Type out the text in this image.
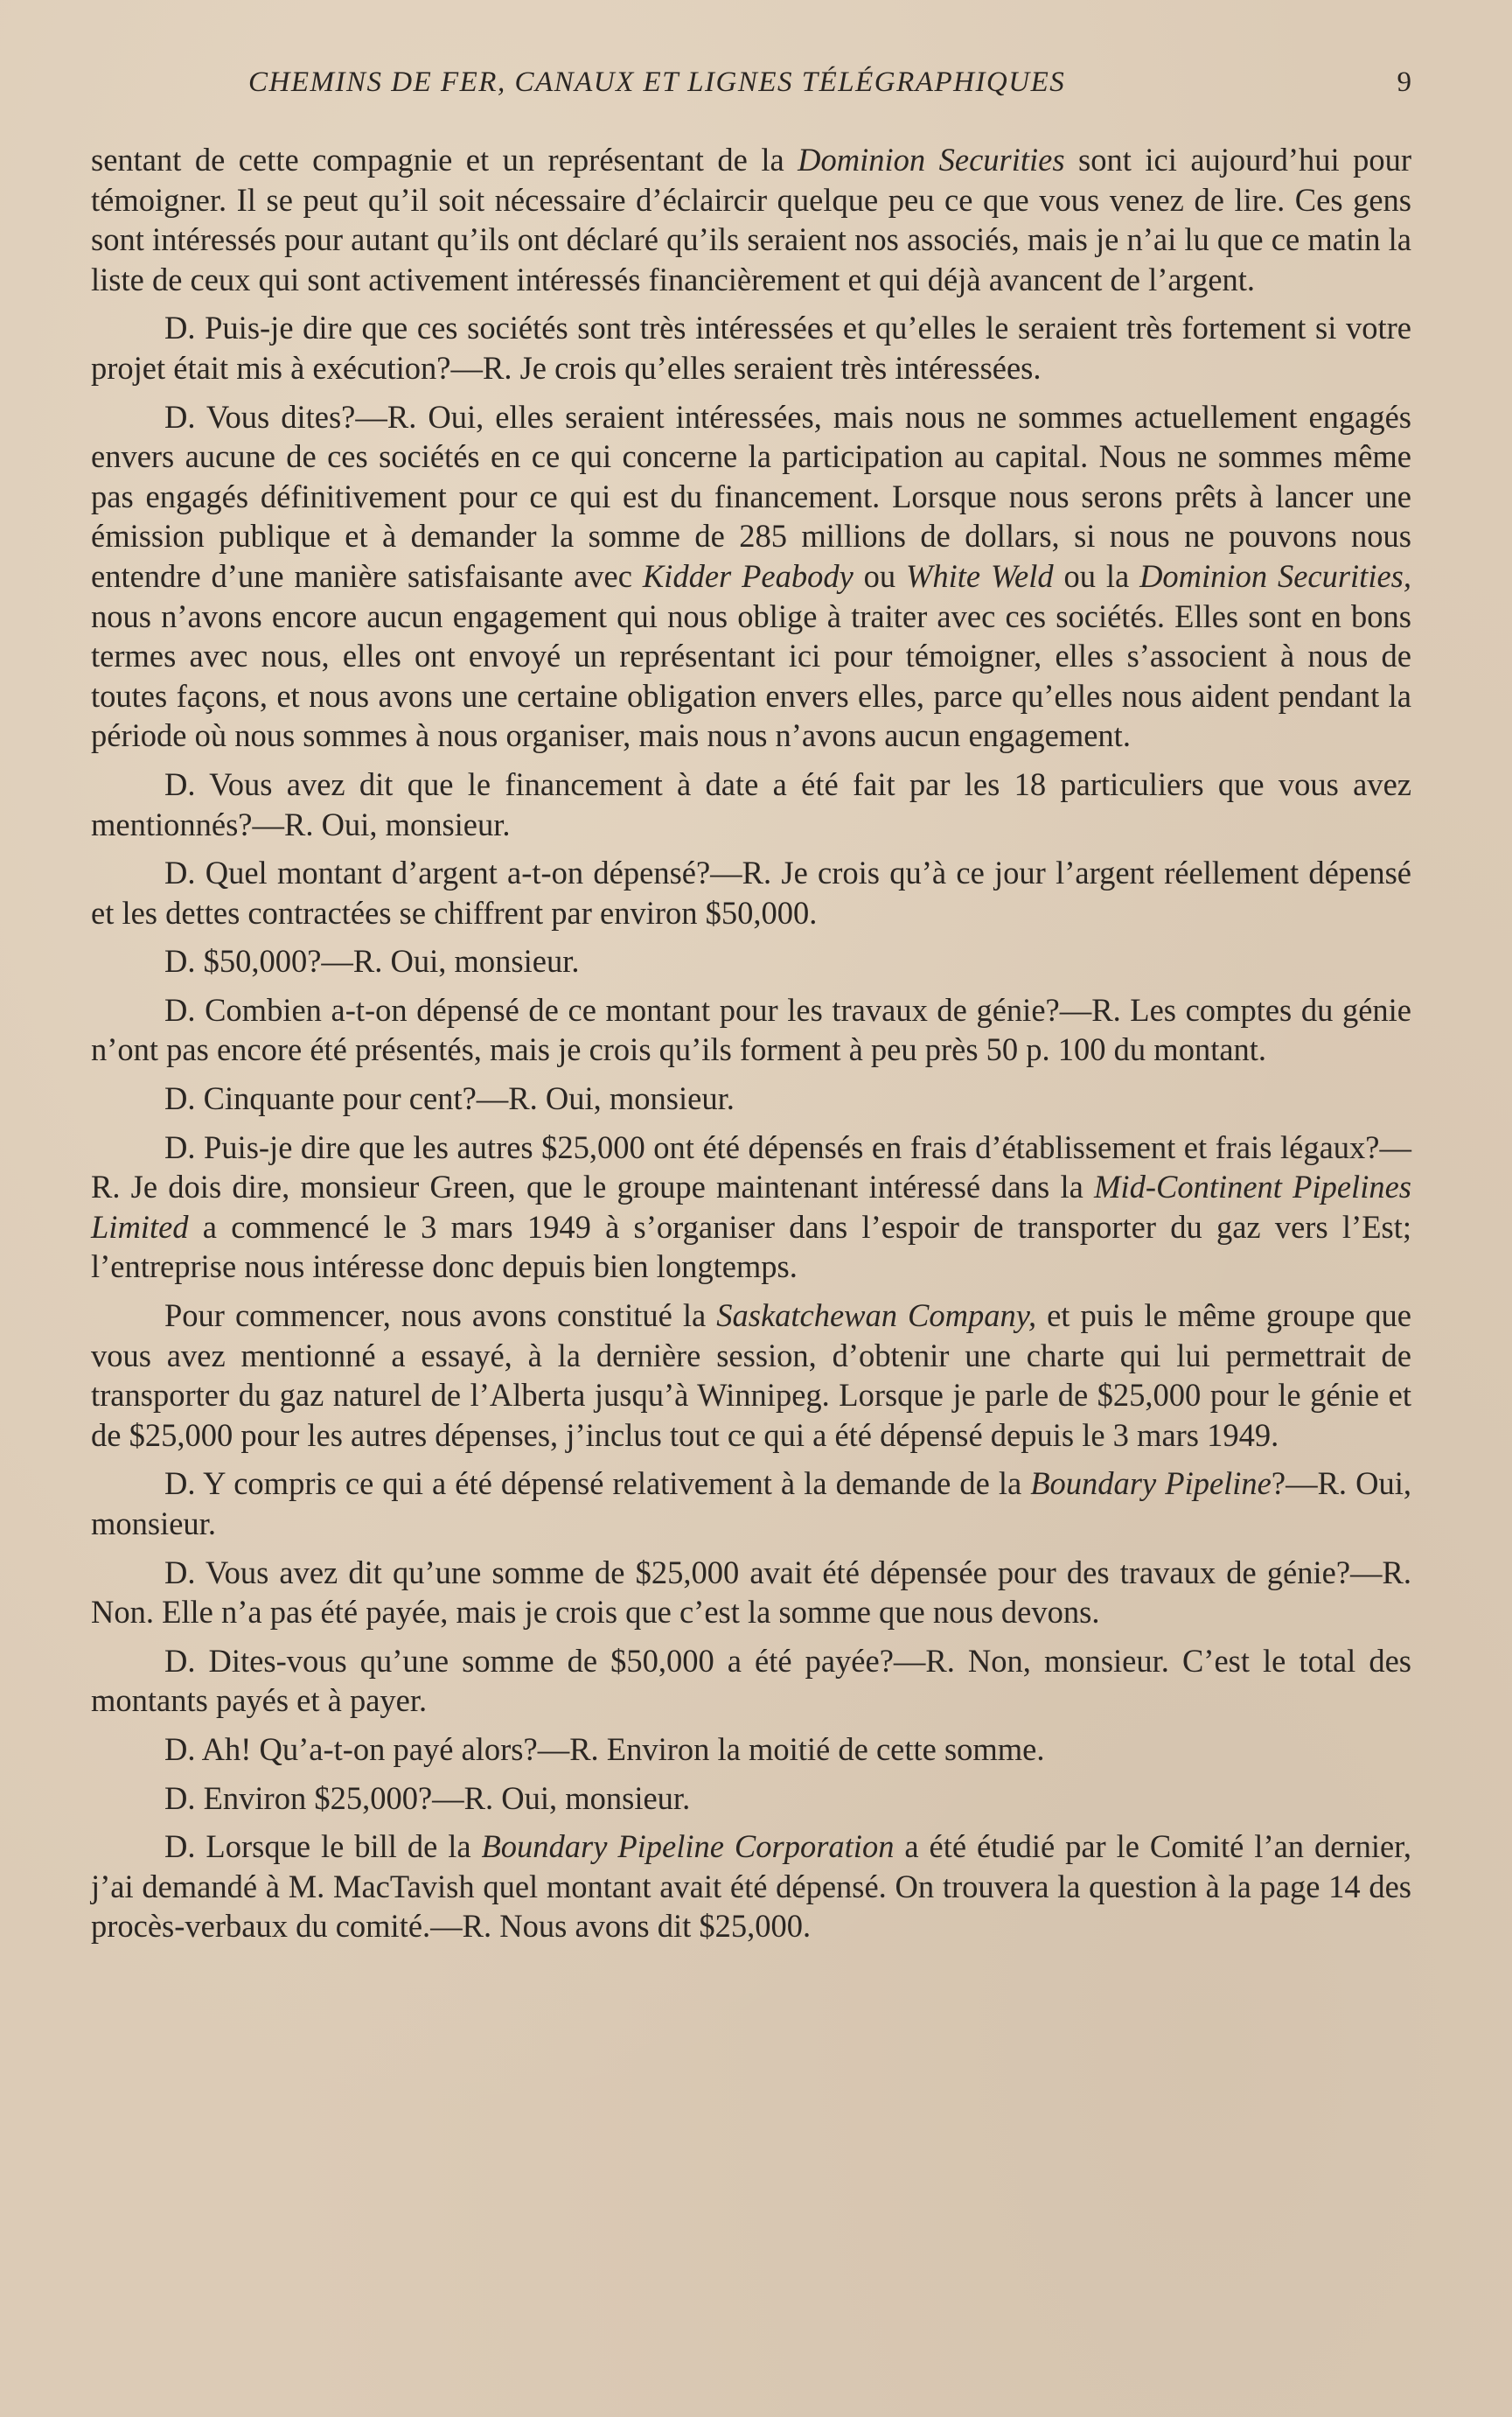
CHEMINS DE FER, CANAUX ET LIGNES TÉLÉGRAPHIQUES	9

sentant de cette compagnie et un représentant de la Dominion Securities sont ici aujourd’hui pour témoigner. Il se peut qu’il soit nécessaire d’éclaircir quelque peu ce que vous venez de lire. Ces gens sont intéressés pour autant qu’ils ont déclaré qu’ils seraient nos associés, mais je n’ai lu que ce matin la liste de ceux qui sont activement intéressés financièrement et qui déjà avancent de l’argent.

D. Puis-je dire que ces sociétés sont très intéressées et qu’elles le seraient très fortement si votre projet était mis à exécution?—R. Je crois qu’elles seraient très intéressées.

D. Vous dites?—R. Oui, elles seraient intéressées, mais nous ne sommes actuellement engagés envers aucune de ces sociétés en ce qui concerne la participation au capital. Nous ne sommes même pas engagés définitivement pour ce qui est du financement. Lorsque nous serons prêts à lancer une émission publique et à demander la somme de 285 millions de dollars, si nous ne pouvons nous entendre d’une manière satisfaisante avec Kidder Peabody ou White Weld ou la Dominion Securities, nous n’avons encore aucun engagement qui nous oblige à traiter avec ces sociétés. Elles sont en bons termes avec nous, elles ont envoyé un représentant ici pour témoigner, elles s’associent à nous de toutes façons, et nous avons une certaine obligation envers elles, parce qu’elles nous aident pendant la période où nous sommes à nous organiser, mais nous n’avons aucun engagement.

D. Vous avez dit que le financement à date a été fait par les 18 particuliers que vous avez mentionnés?—R. Oui, monsieur.

D. Quel montant d’argent a-t-on dépensé?—R. Je crois qu’à ce jour l’argent réellement dépensé et les dettes contractées se chiffrent par environ $50,000.

D. $50,000?—R. Oui, monsieur.

D. Combien a-t-on dépensé de ce montant pour les travaux de génie?—R. Les comptes du génie n’ont pas encore été présentés, mais je crois qu’ils forment à peu près 50 p. 100 du montant.

D. Cinquante pour cent?—R. Oui, monsieur.

D. Puis-je dire que les autres $25,000 ont été dépensés en frais d’établissement et frais légaux?—R. Je dois dire, monsieur Green, que le groupe maintenant intéressé dans la Mid-Continent Pipelines Limited a commencé le 3 mars 1949 à s’organiser dans l’espoir de transporter du gaz vers l’Est; l’entreprise nous intéresse donc depuis bien longtemps.

Pour commencer, nous avons constitué la Saskatchewan Company, et puis le même groupe que vous avez mentionné a essayé, à la dernière session, d’obtenir une charte qui lui permettrait de transporter du gaz naturel de l’Alberta jusqu’à Winnipeg. Lorsque je parle de $25,000 pour le génie et de $25,000 pour les autres dépenses, j’inclus tout ce qui a été dépensé depuis le 3 mars 1949.

D. Y compris ce qui a été dépensé relativement à la demande de la Boundary Pipeline?—R. Oui, monsieur.

D. Vous avez dit qu’une somme de $25,000 avait été dépensée pour des travaux de génie?—R. Non. Elle n’a pas été payée, mais je crois que c’est la somme que nous devons.

D. Dites-vous qu’une somme de $50,000 a été payée?—R. Non, monsieur. C’est le total des montants payés et à payer.

D. Ah! Qu’a-t-on payé alors?—R. Environ la moitié de cette somme.

D. Environ $25,000?—R. Oui, monsieur.

D. Lorsque le bill de la Boundary Pipeline Corporation a été étudié par le Comité l’an dernier, j’ai demandé à M. MacTavish quel montant avait été dépensé. On trouvera la question à la page 14 des procès-verbaux du comité.—R. Nous avons dit $25,000.
